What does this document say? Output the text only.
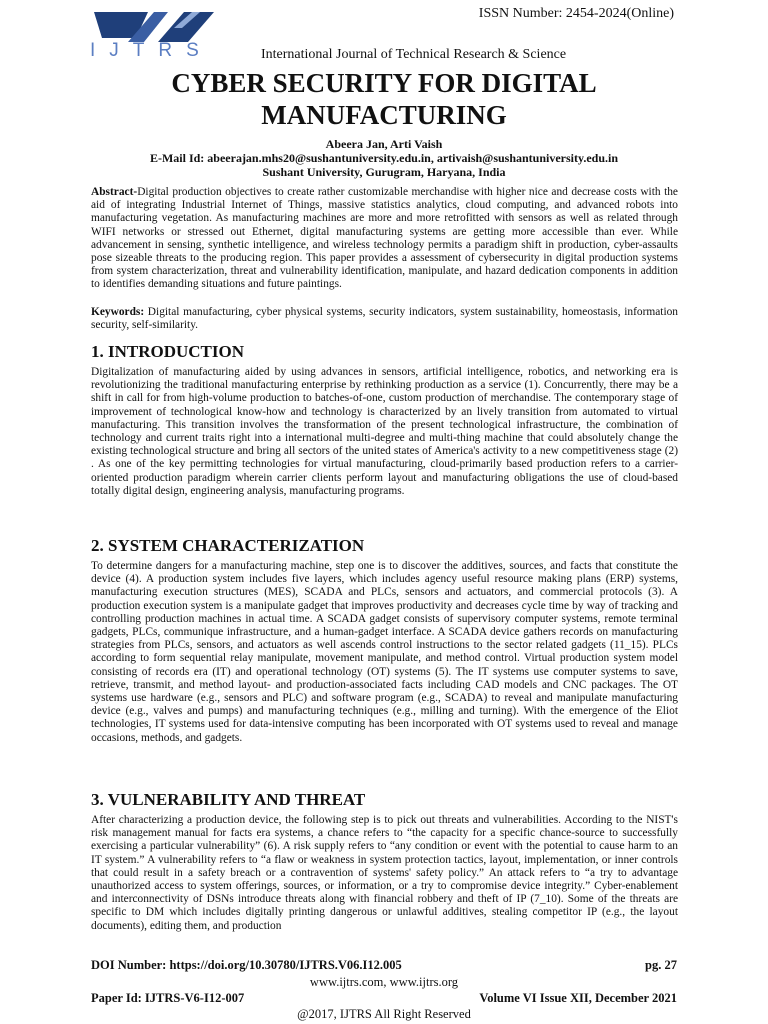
IJTRS
ISSN Number: 2454-2024(Online)
International Journal of Technical Research & Science
CYBER SECURITY FOR DIGITAL
MANUFACTURING
Abeera Jan, Arti Vaish
E-Mail Id: abeerajan.mhs20@sushantuniversity.edu.in, artivaish@sushantuniversity.edu.in
Sushant University, Gurugram, Haryana, India
Abstract-Digital production objectives to create rather customizable merchandise with higher nice and decrease costs with the aid of integrating Industrial Internet of Things, massive statistics analytics, cloud computing, and advanced robots into manufacturing vegetation. As manufacturing machines are more and more retrofitted with sensors as well as related through WIFI networks or stressed out Ethernet, digital manufacturing systems are getting more accessible than ever. While advancement in sensing, synthetic intelligence, and wireless technology permits a paradigm shift in production, cyber-assaults pose sizeable threats to the producing region. This paper provides a assessment of cybersecurity in digital production systems from system characterization, threat and vulnerability identification, manipulate, and hazard dedication components in addition to identifies demanding situations and future paintings.
Keywords: Digital manufacturing, cyber physical systems, security indicators, system sustainability, homeostasis, information security, self-similarity.
1. INTRODUCTION
Digitalization of manufacturing aided by using advances in sensors, artificial intelligence, robotics, and networking era is revolutionizing the traditional manufacturing enterprise by rethinking production as a service (1). Concurrently, there may be a shift in call for from high-volume production to batches-of-one, custom production of merchandise. The contemporary stage of improvement of technological know-how and technology is characterized by an lively transition from automated to virtual manufacturing. This transition involves the transformation of the present technological infrastructure, the combination of technology and current traits right into a international multi-degree and multi-thing machine that could absolutely change the existing technological structure and bring all sectors of the united states of America's activity to a new competitiveness stage (2) . As one of the key permitting technologies for virtual manufacturing, cloud-primarily based production refers to a carrier-oriented production paradigm wherein carrier clients perform layout and manufacturing obligations the use of cloud-based totally digital design, engineering analysis, manufacturing programs.
2. SYSTEM CHARACTERIZATION
To determine dangers for a manufacturing machine, step one is to discover the additives, sources, and facts that constitute the device (4). A production system includes five layers, which includes agency useful resource making plans (ERP) systems, manufacturing execution structures (MES), SCADA and PLCs, sensors and actuators, and commercial protocols (3). A production execution system is a manipulate gadget that improves productivity and decreases cycle time by way of tracking and controlling production machines in actual time. A SCADA gadget consists of supervisory computer systems, remote terminal gadgets, PLCs, communique infrastructure, and a human-gadget interface. A SCADA device gathers records on manufacturing strategies from PLCs, sensors, and actuators as well ascends control instructions to the sector related gadgets (11_15). PLCs according to form sequential relay manipulate, movement manipulate, and method control. Virtual production system model consisting of records era (IT) and operational technology (OT) systems (5). The IT systems use computer systems to save, retrieve, transmit, and method layout- and production-associated facts including CAD models and CNC packages. The OT systems use hardware (e.g., sensors and PLC) and software program (e.g., SCADA) to reveal and manipulate manufacturing device (e.g., valves and pumps) and manufacturing techniques (e.g., milling and turning). With the emergence of the Eliot technologies, IT systems used for data-intensive computing has been incorporated with OT systems used to reveal and manage occasions, methods, and gadgets.
3. VULNERABILITY AND THREAT
After characterizing a production device, the following step is to pick out threats and vulnerabilities. According to the NIST's risk management manual for facts era systems, a chance refers to “the capacity for a specific chance-source to successfully exercising a particular vulnerability” (6). A risk supply refers to “any condition or event with the potential to cause harm to an IT system.” A vulnerability refers to “a flaw or weakness in system protection tactics, layout, implementation, or inner controls that could result in a safety breach or a contravention of systems' safety policy.” An attack refers to “a try to advantage unauthorized access to system offerings, sources, or information, or a try to compromise device integrity.” Cyber-enablement and interconnectivity of DSNs introduce threats along with financial robbery and theft of IP (7_10). Some of the threats are specific to DM which includes digitally printing dangerous or unlawful additives, stealing competitor IP (e.g., the layout documents), editing them, and production
DOI Number: https://doi.org/10.30780/IJTRS.V06.I12.005	pg. 27
www.ijtrs.com, www.ijtrs.org
Paper Id: IJTRS-V6-I12-007	Volume VI Issue XII, December 2021
@2017, IJTRS All Right Reserved
